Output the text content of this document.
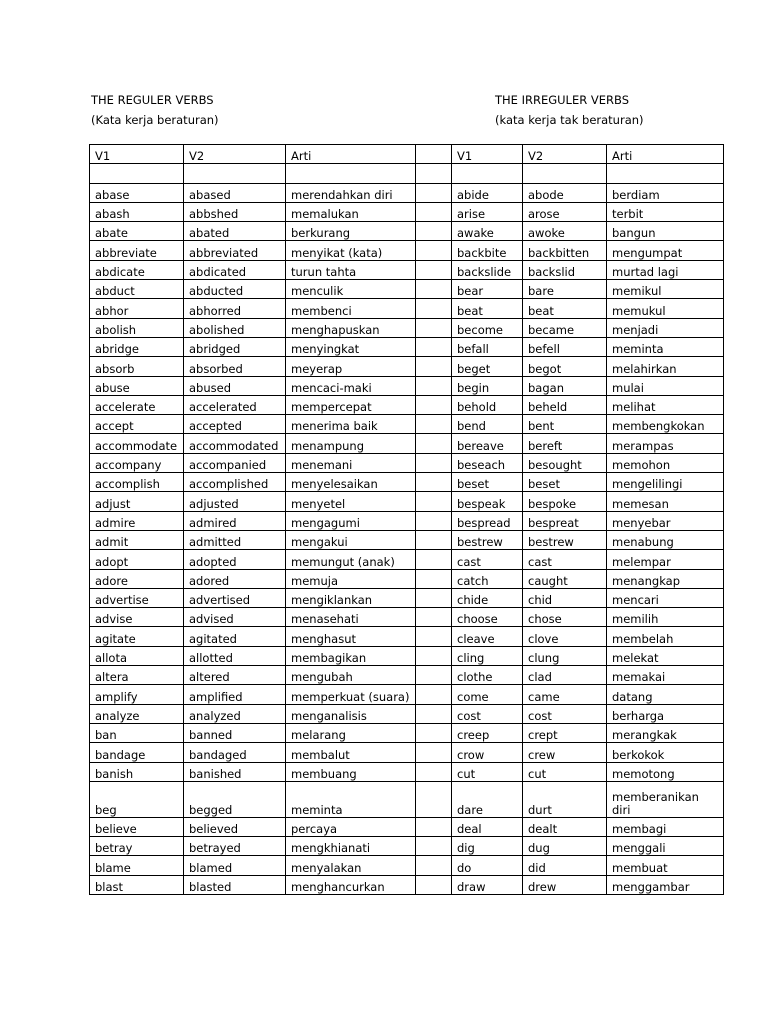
THE REGULER VERBS
(Kata kerja beraturan)
THE IRREGULER VERBS
(kata kerja tak beraturan)
V1	V2	Arti		V1	V2	Arti

abase	abased	merendahkan diri		abide	abode	berdiam
abash	abbshed	memalukan		arise	arose	terbit
abate	abated	berkurang		awake	awoke	bangun
abbreviate	abbreviated	menyikat (kata)		backbite	backbitten	mengumpat
abdicate	abdicated	turun tahta		backslide	backslid	murtad lagi
abduct	abducted	menculik		bear	bare	memikul
abhor	abhorred	membenci		beat	beat	memukul
abolish	abolished	menghapuskan		become	became	menjadi
abridge	abridged	menyingkat		befall	befell	meminta
absorb	absorbed	meyerap		beget	begot	melahirkan
abuse	abused	mencaci-maki		begin	bagan	mulai
accelerate	accelerated	mempercepat		behold	beheld	melihat
accept	accepted	menerima baik		bend	bent	membengkokan
accommodate	accommodated	menampung		bereave	bereft	merampas
accompany	accompanied	menemani		beseach	besought	memohon
accomplish	accomplished	menyelesaikan		beset	beset	mengelilingi
adjust	adjusted	menyetel		bespeak	bespoke	memesan
admire	admired	mengagumi		bespread	bespreat	menyebar
admit	admitted	mengakui		bestrew	bestrew	menabung
adopt	adopted	memungut (anak)		cast	cast	melempar
adore	adored	memuja		catch	caught	menangkap
advertise	advertised	mengiklankan		chide	chid	mencari
advise	advised	menasehati		choose	chose	memilih
agitate	agitated	menghasut		cleave	clove	membelah
allota	allotted	membagikan		cling	clung	melekat
altera	altered	mengubah		clothe	clad	memakai
amplify	amplified	memperkuat (suara)		come	came	datang
analyze	analyzed	menganalisis		cost	cost	berharga
ban	banned	melarang		creep	crept	merangkak
bandage	bandaged	membalut		crow	crew	berkokok
banish	banished	membuang		cut	cut	memotong
beg	begged	meminta		dare	durt	memberanikan diri
believe	believed	percaya		deal	dealt	membagi
betray	betrayed	mengkhianati		dig	dug	menggali
blame	blamed	menyalakan		do	did	membuat
blast	blasted	menghancurkan		draw	drew	menggambar
